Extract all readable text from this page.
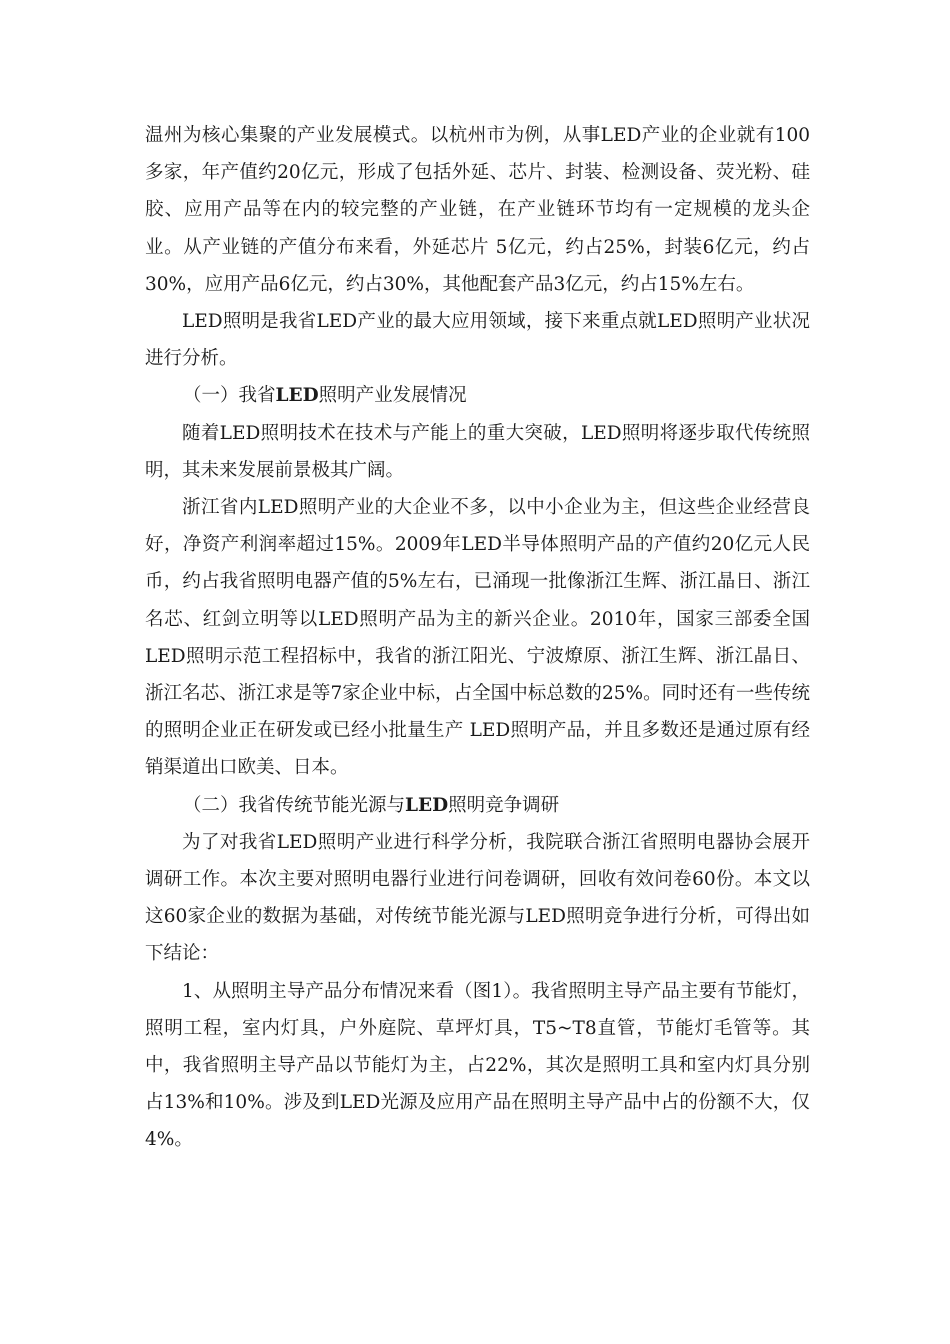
温州为核心集聚的产业发展模式。以杭州市为例，从事LED产业的企业就有100多家，年产值约20亿元，形成了包括外延、芯片、封装、检测设备、荧光粉、硅胶、应用产品等在内的较完整的产业链，在产业链环节均有一定规模的龙头企业。从产业链的产值分布来看，外延芯片 5亿元，约占25%，封装6亿元，约占30%，应用产品6亿元，约占30%，其他配套产品3亿元，约占15%左右。

LED照明是我省LED产业的最大应用领域，接下来重点就LED照明产业状况进行分析。

（一）我省LED照明产业发展情况

随着LED照明技术在技术与产能上的重大突破，LED照明将逐步取代传统照明，其未来发展前景极其广阔。

浙江省内LED照明产业的大企业不多，以中小企业为主，但这些企业经营良好，净资产利润率超过15%。2009年LED半导体照明产品的产值约20亿元人民币，约占我省照明电器产值的5%左右，已涌现一批像浙江生辉、浙江晶日、浙江名芯、红剑立明等以LED照明产品为主的新兴企业。2010年，国家三部委全国LED照明示范工程招标中，我省的浙江阳光、宁波燎原、浙江生辉、浙江晶日、浙江名芯、浙江求是等7家企业中标，占全国中标总数的25%。同时还有一些传统的照明企业正在研发或已经小批量生产 LED照明产品，并且多数还是通过原有经销渠道出口欧美、日本。

（二）我省传统节能光源与LED照明竞争调研

为了对我省LED照明产业进行科学分析，我院联合浙江省照明电器协会展开调研工作。本次主要对照明电器行业进行问卷调研，回收有效问卷60份。本文以这60家企业的数据为基础，对传统节能光源与LED照明竞争进行分析，可得出如下结论：

1、从照明主导产品分布情况来看（图1）。我省照明主导产品主要有节能灯，照明工程，室内灯具，户外庭院、草坪灯具，T5~T8直管，节能灯毛管等。其中，我省照明主导产品以节能灯为主，占22%，其次是照明工具和室内灯具分别占13%和10%。涉及到LED光源及应用产品在照明主导产品中占的份额不大，仅4%。
